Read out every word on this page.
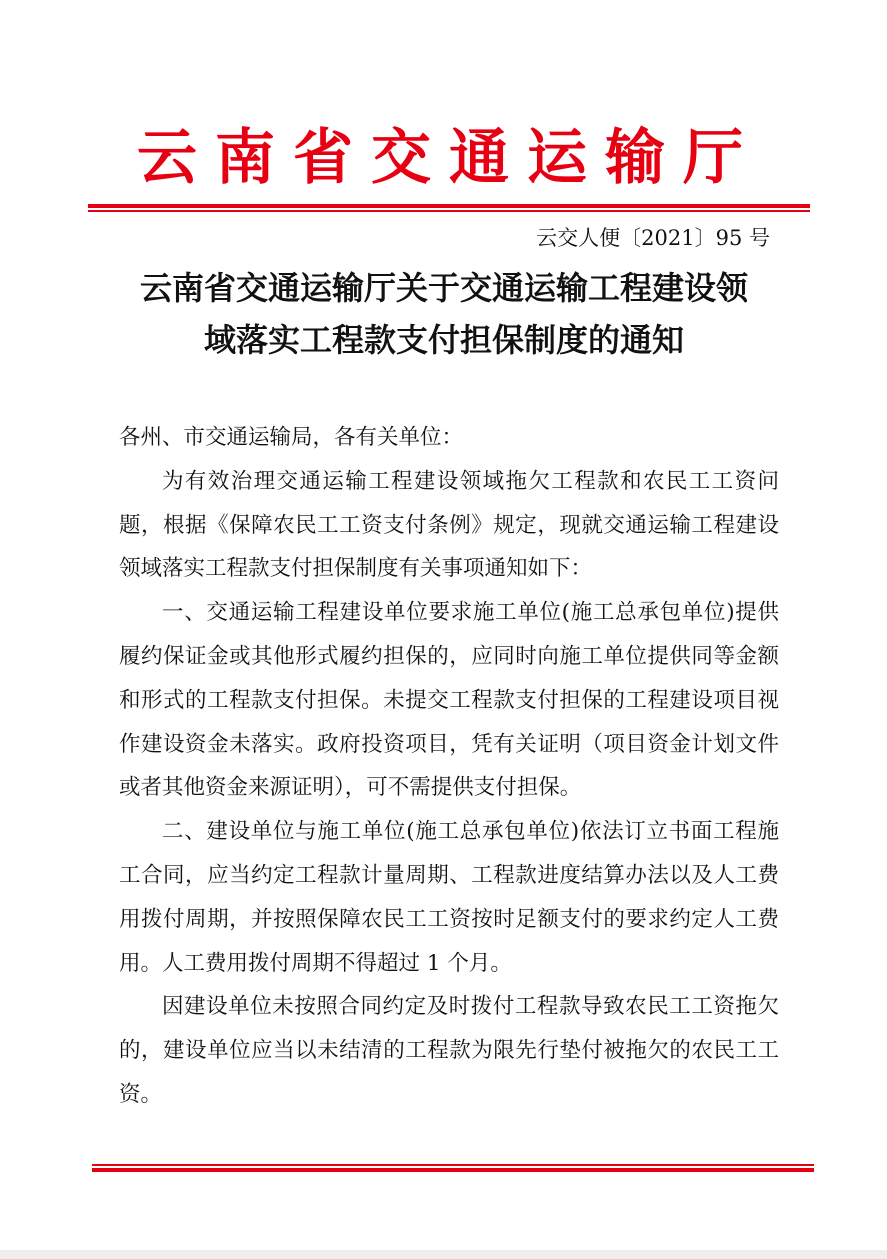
云南省交通运输厅
云交人便〔2021〕95 号
云南省交通运输厅关于交通运输工程建设领
域落实工程款支付担保制度的通知

各州、市交通运输局，各有关单位：

为有效治理交通运输工程建设领域拖欠工程款和农民工工资问题，根据《保障农民工工资支付条例》规定，现就交通运输工程建设领域落实工程款支付担保制度有关事项通知如下：

一、交通运输工程建设单位要求施工单位(施工总承包单位)提供履约保证金或其他形式履约担保的，应同时向施工单位提供同等金额和形式的工程款支付担保。未提交工程款支付担保的工程建设项目视作建设资金未落实。政府投资项目，凭有关证明（项目资金计划文件或者其他资金来源证明），可不需提供支付担保。

二、建设单位与施工单位(施工总承包单位)依法订立书面工程施工合同，应当约定工程款计量周期、工程款进度结算办法以及人工费用拨付周期，并按照保障农民工工资按时足额支付的要求约定人工费用。人工费用拨付周期不得超过 1 个月。

因建设单位未按照合同约定及时拨付工程款导致农民工工资拖欠的，建设单位应当以未结清的工程款为限先行垫付被拖欠的农民工工资。
